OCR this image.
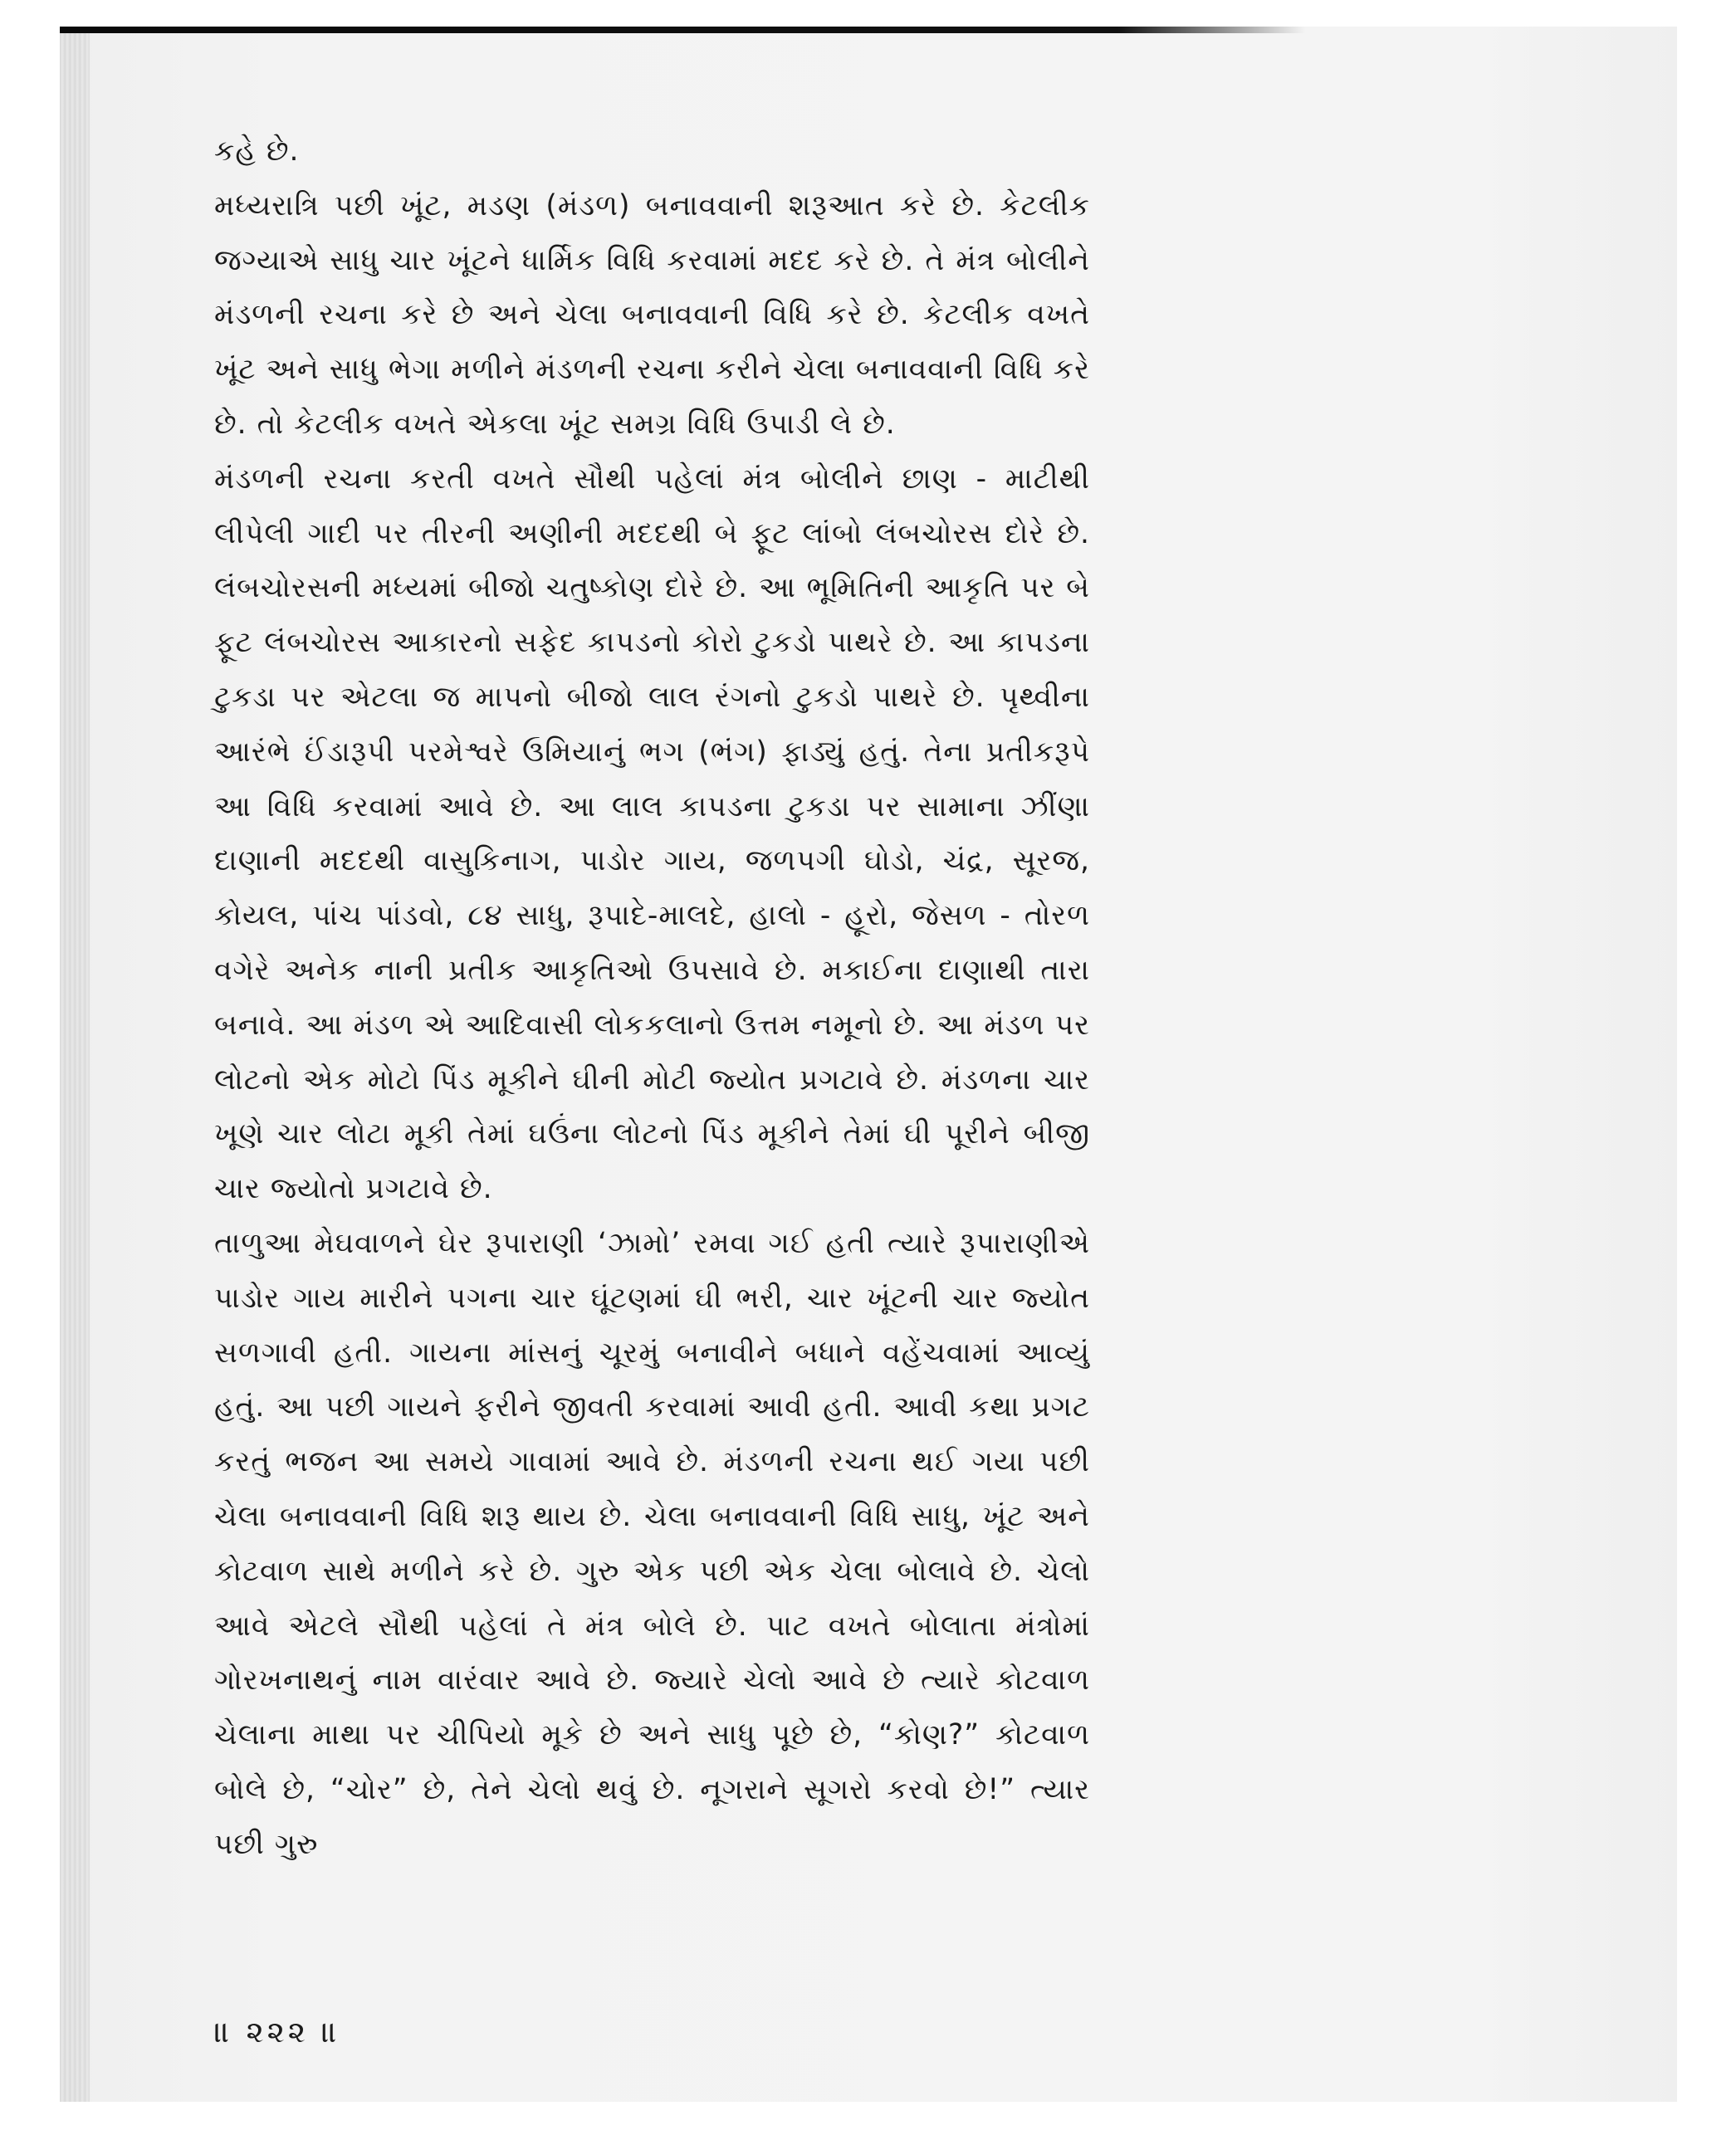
કહે છે.

મધ્યરાત્રિ પછી ખૂંટ, મડણ (મંડળ) બનાવવાની શરૂઆત કરે છે. કેટલીક જગ્યાએ સાધુ ચાર ખૂંટને ધાર્મિક વિધિ કરવામાં મદદ કરે છે. તે મંત્ર બોલીને મંડળની રચના કરે છે અને ચેલા બનાવવાની વિધિ કરે છે. કેટલીક વખતે ખૂંટ અને સાધુ ભેગા મળીને મંડળની રચના કરીને ચેલા બનાવવાની વિધિ કરે છે. તો કેટલીક વખતે એકલા ખૂંટ સમગ્ર વિધિ ઉપાડી લે છે.

મંડળની રચના કરતી વખતે સૌથી પહેલાં મંત્ર બોલીને છાણ - માટીથી લીપેલી ગાદી પર તીરની અણીની મદદથી બે ફૂટ લાંબો લંબચોરસ દોરે છે. લંબચોરસની મધ્યમાં બીજો ચતુષ્કોણ દોરે છે. આ ભૂમિતિની આકૃતિ પર બે ફૂટ લંબચોરસ આકારનો સફેદ કાપડનો કોરો ટુકડો પાથરે છે. આ કાપડના ટુકડા પર એટલા જ માપનો બીજો લાલ રંગનો ટુકડો પાથરે છે. પૃથ્વીના આરંભે ઈંડારૂપી પરમેશ્વરે ઉમિયાનું ભગ (ભંગ) ફાડ્યું હતું. તેના પ્રતીકરૂપે આ વિધિ કરવામાં આવે છે. આ લાલ કાપડના ટુકડા પર સામાના ઝીંણા દાણાની મદદથી વાસુકિનાગ, પાડોર ગાય, જળપગી ઘોડો, ચંદ્ર, સૂરજ, કોયલ, પાંચ પાંડવો, ૮૪ સાધુ, રૂપાદે-માલદે, હાલો - હૂરો, જેસળ - તોરળ વગેરે અનેક નાની પ્રતીક આકૃતિઓ ઉપસાવે છે. મકાઈના દાણાથી તારા બનાવે. આ મંડળ એ આદિવાસી લોકકલાનો ઉત્તમ નમૂનો છે. આ મંડળ પર લોટનો એક મોટો પિંડ મૂકીને ઘીની મોટી જ્યોત પ્રગટાવે છે. મંડળના ચાર ખૂણે ચાર લોટા મૂકી તેમાં ઘઉંના લોટનો પિંડ મૂકીને તેમાં ઘી પૂરીને બીજી ચાર જ્યોતો પ્રગટાવે છે.

તાળુઆ મેઘવાળને ઘેર રૂપારાણી ‘ઝામો’ રમવા ગઈ હતી ત્યારે રૂપારાણીએ પાડોર ગાય મારીને પગના ચાર ઘૂંટણમાં ઘી ભરી, ચાર ખૂંટની ચાર જ્યોત સળગાવી હતી. ગાયના માંસનું ચૂરમું બનાવીને બધાને વહેંચવામાં આવ્યું હતું. આ પછી ગાયને ફરીને જીવતી કરવામાં આવી હતી. આવી કથા પ્રગટ કરતું ભજન આ સમયે ગાવામાં આવે છે. મંડળની રચના થઈ ગયા પછી ચેલા બનાવવાની વિધિ શરૂ થાય છે. ચેલા બનાવવાની વિધિ સાધુ, ખૂંટ અને કોટવાળ સાથે મળીને કરે છે. ગુરુ એક પછી એક ચેલા બોલાવે છે. ચેલો આવે એટલે સૌથી પહેલાં તે મંત્ર બોલે છે. પાટ વખતે બોલાતા મંત્રોમાં ગોરખનાથનું નામ વારંવાર આવે છે. જ્યારે ચેલો આવે છે ત્યારે કોટવાળ ચેલાના માથા પર ચીપિયો મૂકે છે અને સાધુ પૂછે છે, “કોણ?” કોટવાળ બોલે છે, “ચોર” છે, તેને ચેલો થવું છે. નૂગરાને સૂગરો કરવો છે!” ત્યાર પછી ગુરુ

॥ ૨૨૨ ॥
